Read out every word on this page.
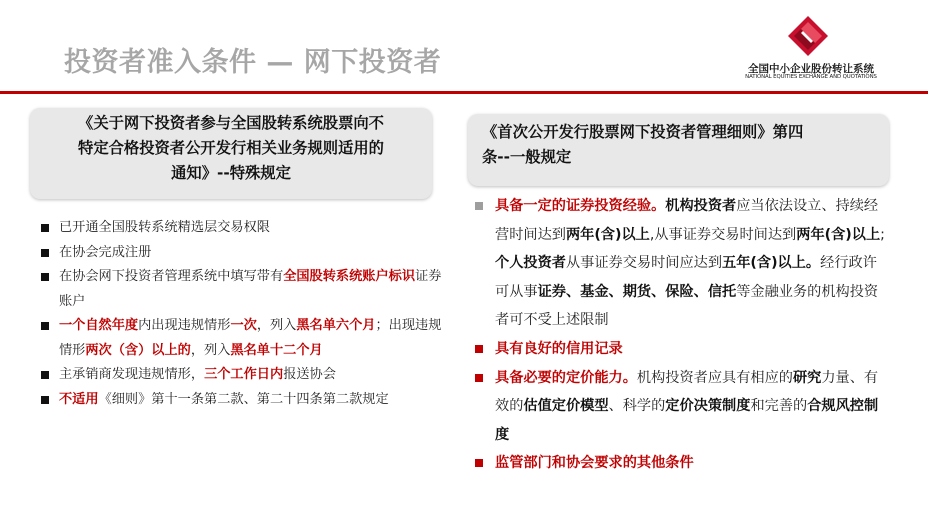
投资者准入条件 — 网下投资者	全国中小企业股份转让系统
NATIONAL EQUITIES EXCHANGE AND QUOTATIONS
《关于网下投资者参与全国股转系统股票向不
特定合格投资者公开发行相关业务规则适用的
通知》--特殊规定
已开通全国股转系统精选层交易权限
在协会完成注册
在协会网下投资者管理系统中填写带有全国股转系统账户标识证券账户
一个自然年度内出现违规情形一次，列入黑名单六个月；出现违规情形两次（含）以上的，列入黑名单十二个月
主承销商发现违规情形，三个工作日内报送协会
不适用《细则》第十一条第二款、第二十四条第二款规定
《首次公开发行股票网下投资者管理细则》第四
条--一般规定
具备一定的证券投资经验。机构投资者应当依法设立、持续经营时间达到两年(含)以上,从事证券交易时间达到两年(含)以上;个人投资者从事证券交易时间应达到五年(含)以上。经行政许可从事证券、基金、期货、保险、信托等金融业务的机构投资者可不受上述限制
具有良好的信用记录
具备必要的定价能力。机构投资者应具有相应的研究力量、有效的估值定价模型、科学的定价决策制度和完善的合规风控制度
监管部门和协会要求的其他条件
